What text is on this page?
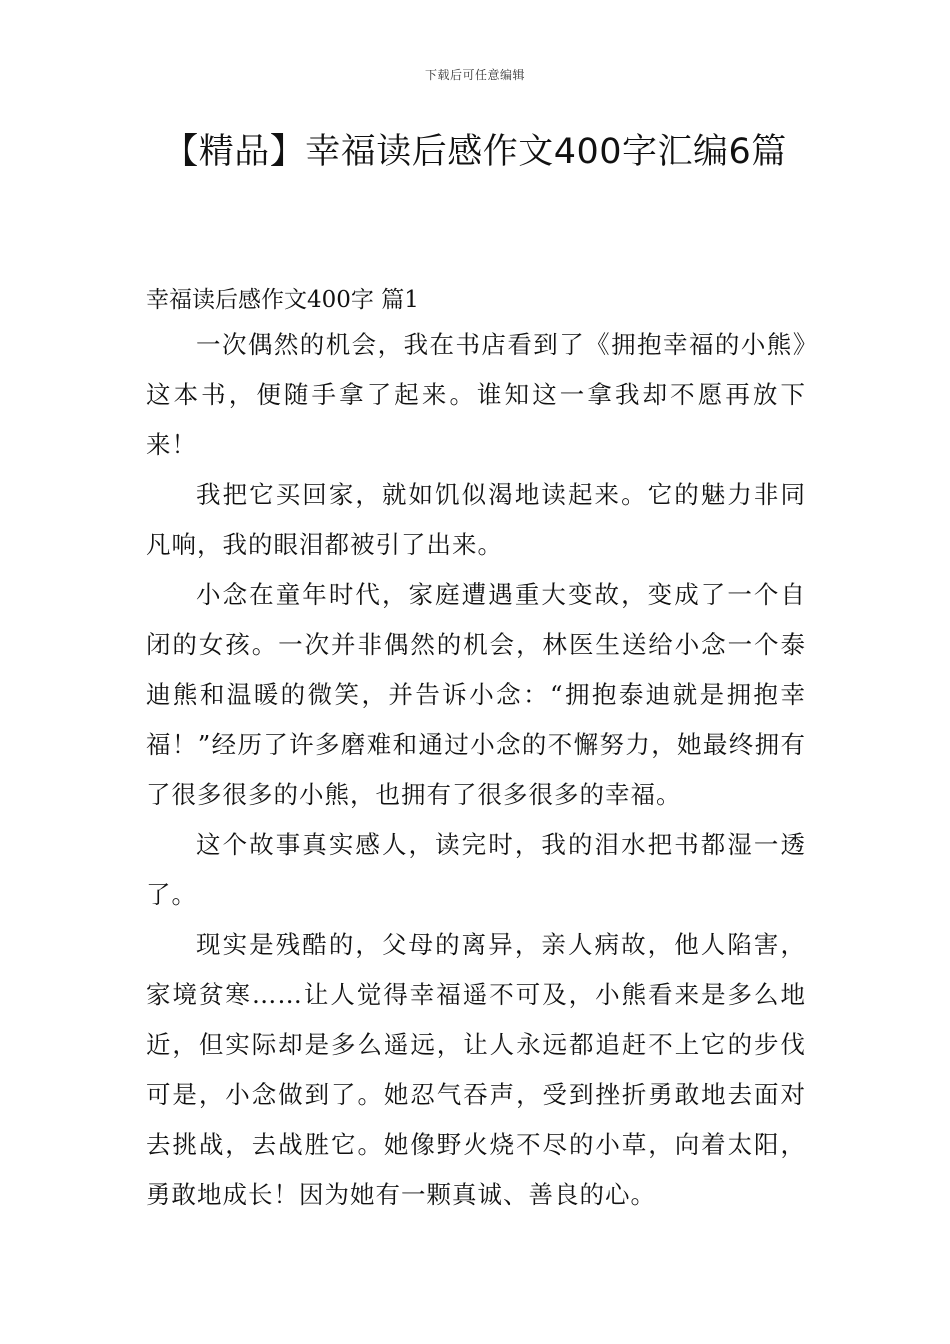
下载后可任意编辑
【精品】幸福读后感作文400字汇编6篇
幸福读后感作文400字 篇1

一次偶然的机会，我在书店看到了《拥抱幸福的小熊》这本书，便随手拿了起来。谁知这一拿我却不愿再放下来！

我把它买回家，就如饥似渴地读起来。它的魅力非同凡响，我的眼泪都被引了出来。

小念在童年时代，家庭遭遇重大变故，变成了一个自闭的女孩。一次并非偶然的机会，林医生送给小念一个泰迪熊和温暖的微笑，并告诉小念：“拥抱泰迪就是拥抱幸福！”经历了许多磨难和通过小念的不懈努力，她最终拥有了很多很多的小熊，也拥有了很多很多的幸福。

这个故事真实感人，读完时，我的泪水把书都湿一透了。

现实是残酷的，父母的离异，亲人病故，他人陷害，家境贫寒……让人觉得幸福遥不可及，小熊看来是多么地近，但实际却是多么遥远，让人永远都追赶不上它的步伐可是，小念做到了。她忍气吞声，受到挫折勇敢地去面对去挑战，去战胜它。她像野火烧不尽的小草，向着太阳，勇敢地成长！因为她有一颗真诚、善良的心。
